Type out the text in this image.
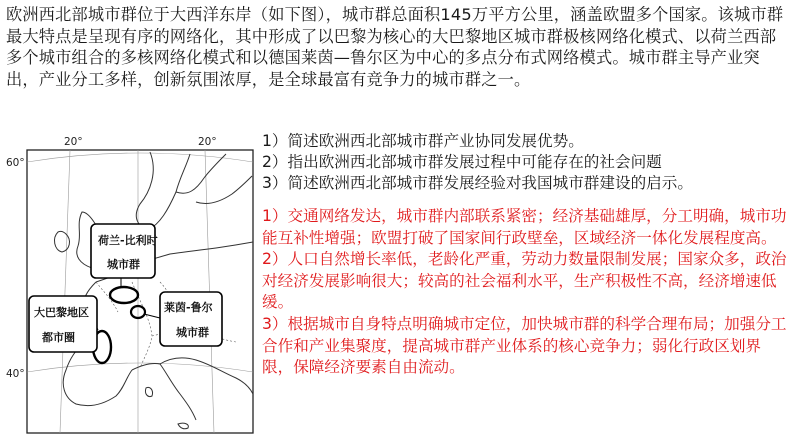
欧洲西北部城市群位于大西洋东岸（如下图），城市群总面积145万平方公里，涵盖欧盟多个国家。该城市群最大特点是呈现有序的网络化，其中形成了以巴黎为核心的大巴黎地区城市群极核网络化模式、以荷兰西部多个城市组合的多核网络化模式和以德国莱茵—鲁尔区为中心的多点分布式网络模式。城市群主导产业突出，产业分工多样，创新氛围浓厚，是全球最富有竞争力的城市群之一。
1）简述欧洲西北部城市群产业协同发展优势。
2）指出欧洲西北部城市群发展过程中可能存在的社会问题
3）简述欧洲西北部城市群发展经验对我国城市群建设的启示。

1）交通网络发达，城市群内部联系紧密；经济基础雄厚，分工明确，城市功能互补性增强；欧盟打破了国家间行政壁垒，区域经济一体化发展程度高。

2）人口自然增长率低，老龄化严重，劳动力数量限制发展；国家众多，政治对经济发展影响很大；较高的社会福利水平，生产积极性不高，经济增速低缓。

3）根据城市自身特点明确城市定位，加快城市群的科学合理布局；加强分工合作和产业集聚度，提高城市群产业体系的核心竞争力；弱化行政区划界限，保障经济要素自由流动。

20°	20°
60°
40°
荷兰-比利时
城市群
大巴黎地区
都市圈
莱茵-鲁尔
城市群
